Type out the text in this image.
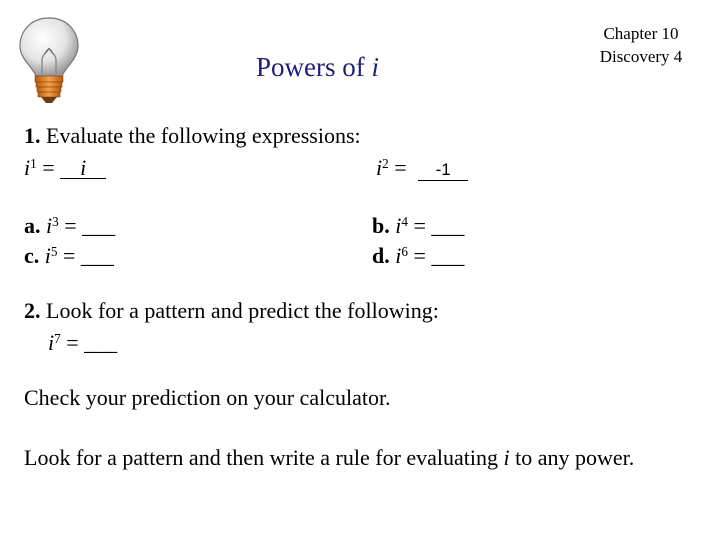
Powers of i
Chapter 10
Discovery 4
1. Evaluate the following expressions:
$i^1 = i$	$i^2 = -1$
a. $i^3$ = ___	b. $i^4$ = ___
c. $i^5$ = ___	d. $i^6$ = ___
2. Look for a pattern and predict the following:
$i^7$ = ___
Check your prediction on your calculator.
Look for a pattern and then write a rule for evaluating i to any power.
